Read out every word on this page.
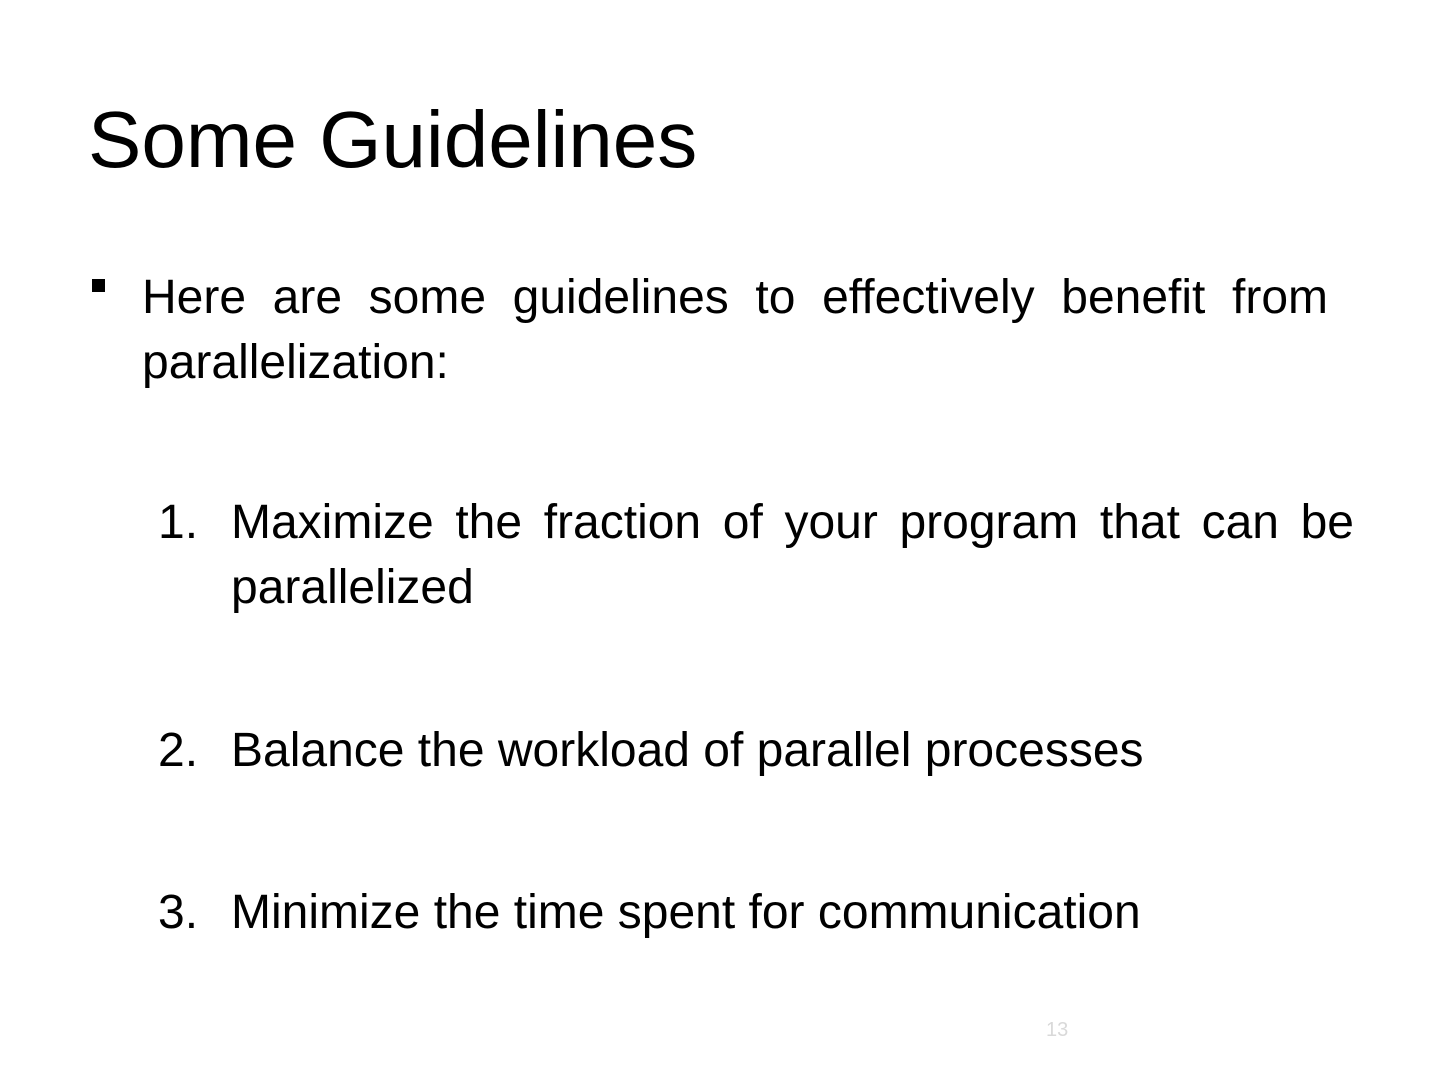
Some Guidelines
Here are some guidelines to effectively benefit from parallelization:
1. Maximize the fraction of your program that can be parallelized
2. Balance the workload of parallel processes
3. Minimize the time spent for communication
13
